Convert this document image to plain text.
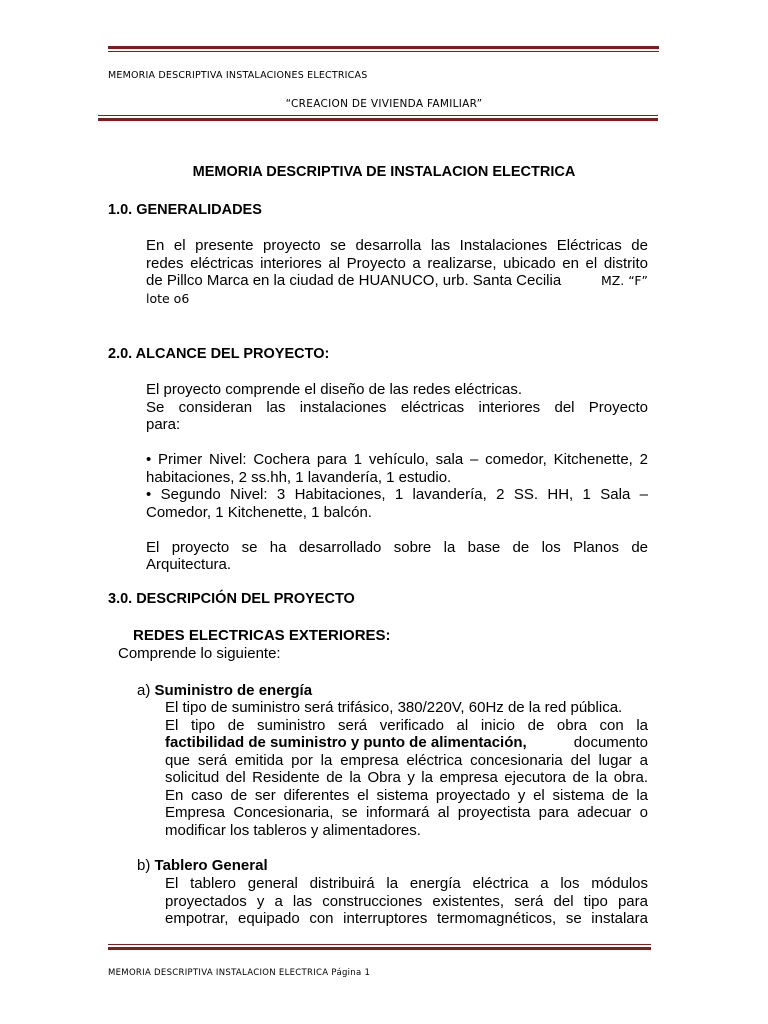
MEMORIA DESCRIPTIVA INSTALACIONES ELECTRICAS
“CREACION DE VIVIENDA FAMILIAR”
MEMORIA DESCRIPTIVA DE INSTALACION ELECTRICA
1.0. GENERALIDADES
En el presente proyecto se desarrolla las Instalaciones Eléctricas de
redes eléctricas interiores al Proyecto a realizarse, ubicado en el distrito
de Pillco Marca en la ciudad de HUANUCO, urb. Santa Cecilia	MZ. “F”
lote o6
2.0. ALCANCE DEL PROYECTO:
El proyecto comprende el diseño de las redes eléctricas.
Se consideran las instalaciones eléctricas interiores del Proyecto
para:

• Primer Nivel: Cochera para 1 vehículo, sala – comedor, Kitchenette, 2
habitaciones, 2 ss.hh, 1 lavandería, 1 estudio.
• Segundo Nivel: 3 Habitaciones, 1 lavandería, 2 SS. HH, 1 Sala –
Comedor, 1 Kitchenette, 1 balcón.

El proyecto se ha desarrollado sobre la base de los Planos de
Arquitectura.
3.0. DESCRIPCIÓN DEL PROYECTO
REDES ELECTRICAS EXTERIORES:
Comprende lo siguiente:
a) Suministro de energía
El tipo de suministro será trifásico, 380/220V, 60Hz de la red pública.
El tipo de suministro será verificado al inicio de obra con la
factibilidad de suministro y punto de alimentación,	documento
que será emitida por la empresa eléctrica concesionaria del lugar a
solicitud del Residente de la Obra y la empresa ejecutora de la obra.
En caso de ser diferentes el sistema proyectado y el sistema de la
Empresa Concesionaria, se informará al proyectista para adecuar o
modificar los tableros y alimentadores.
b) Tablero General
El tablero general distribuirá la energía eléctrica a los módulos
proyectados y a las construcciones existentes, será del tipo para
empotrar, equipado con interruptores termomagnéticos, se instalara
MEMORIA DESCRIPTIVA INSTALACION ELECTRICA Página 1
